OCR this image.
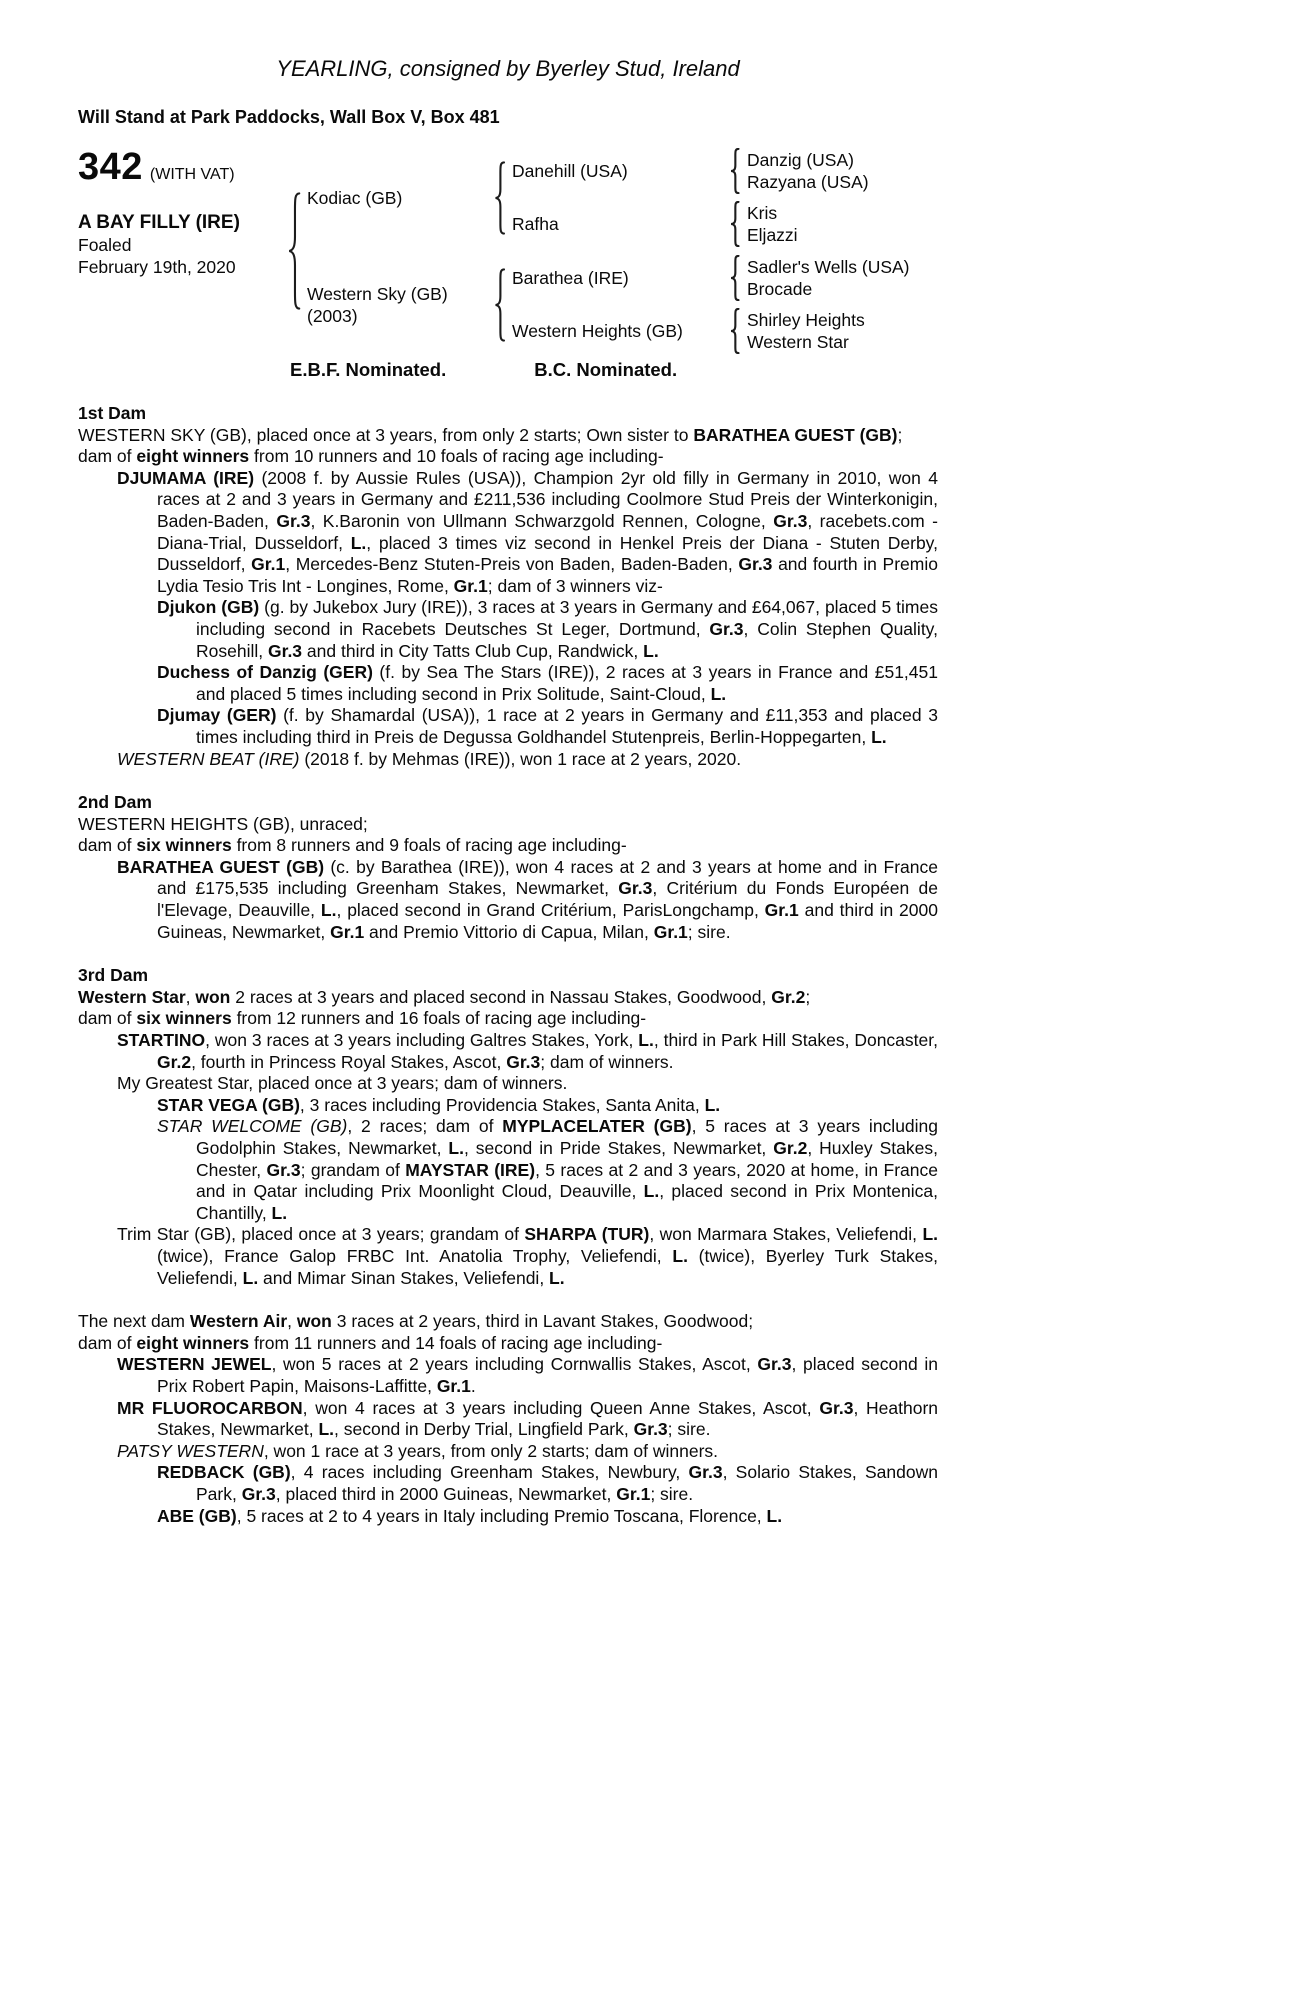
YEARLING, consigned by Byerley Stud, Ireland
Will Stand at Park Paddocks, Wall Box V, Box 481
342 (WITH VAT)
A BAY FILLY (IRE)
Foaled
February 19th, 2020
Kodiac (GB)
Danehill (USA)
Danzig (USA)
Razyana (USA)
Rafha
Kris
Eljazzi
Western Sky (GB)
(2003)
Barathea (IRE)
Sadler's Wells (USA)
Brocade
Western Heights (GB)
Shirley Heights
Western Star
E.B.F. Nominated.	B.C. Nominated.
1st Dam

WESTERN SKY (GB), placed once at 3 years, from only 2 starts; Own sister to BARATHEA GUEST (GB);

dam of eight winners from 10 runners and 10 foals of racing age including-

DJUMAMA (IRE) (2008 f. by Aussie Rules (USA)), Champion 2yr old filly in Germany in 2010, won 4 races at 2 and 3 years in Germany and £211,536 including Coolmore Stud Preis der Winterkonigin, Baden-Baden, Gr.3, K.Baronin von Ullmann Schwarzgold Rennen, Cologne, Gr.3, racebets.com - Diana-Trial, Dusseldorf, L., placed 3 times viz second in Henkel Preis der Diana - Stuten Derby, Dusseldorf, Gr.1, Mercedes-Benz Stuten-Preis von Baden, Baden-Baden, Gr.3 and fourth in Premio Lydia Tesio Tris Int - Longines, Rome, Gr.1; dam of 3 winners viz-

Djukon (GB) (g. by Jukebox Jury (IRE)), 3 races at 3 years in Germany and £64,067, placed 5 times including second in Racebets Deutsches St Leger, Dortmund, Gr.3, Colin Stephen Quality, Rosehill, Gr.3 and third in City Tatts Club Cup, Randwick, L.

Duchess of Danzig (GER) (f. by Sea The Stars (IRE)), 2 races at 3 years in France and £51,451 and placed 5 times including second in Prix Solitude, Saint-Cloud, L.

Djumay (GER) (f. by Shamardal (USA)), 1 race at 2 years in Germany and £11,353 and placed 3 times including third in Preis de Degussa Goldhandel Stutenpreis, Berlin-Hoppegarten, L.

WESTERN BEAT (IRE) (2018 f. by Mehmas (IRE)), won 1 race at 2 years, 2020.

2nd Dam

WESTERN HEIGHTS (GB), unraced;

dam of six winners from 8 runners and 9 foals of racing age including-

BARATHEA GUEST (GB) (c. by Barathea (IRE)), won 4 races at 2 and 3 years at home and in France and £175,535 including Greenham Stakes, Newmarket, Gr.3, Critérium du Fonds Européen de l'Elevage, Deauville, L., placed second in Grand Critérium, ParisLongchamp, Gr.1 and third in 2000 Guineas, Newmarket, Gr.1 and Premio Vittorio di Capua, Milan, Gr.1; sire.

3rd Dam

Western Star, won 2 races at 3 years and placed second in Nassau Stakes, Goodwood, Gr.2;

dam of six winners from 12 runners and 16 foals of racing age including-

STARTINO, won 3 races at 3 years including Galtres Stakes, York, L., third in Park Hill Stakes, Doncaster, Gr.2, fourth in Princess Royal Stakes, Ascot, Gr.3; dam of winners.

My Greatest Star, placed once at 3 years; dam of winners.

STAR VEGA (GB), 3 races including Providencia Stakes, Santa Anita, L.

STAR WELCOME (GB), 2 races; dam of MYPLACELATER (GB), 5 races at 3 years including Godolphin Stakes, Newmarket, L., second in Pride Stakes, Newmarket, Gr.2, Huxley Stakes, Chester, Gr.3; grandam of MAYSTAR (IRE), 5 races at 2 and 3 years, 2020 at home, in France and in Qatar including Prix Moonlight Cloud, Deauville, L., placed second in Prix Montenica, Chantilly, L.

Trim Star (GB), placed once at 3 years; grandam of SHARPA (TUR), won Marmara Stakes, Veliefendi, L. (twice), France Galop FRBC Int. Anatolia Trophy, Veliefendi, L. (twice), Byerley Turk Stakes, Veliefendi, L. and Mimar Sinan Stakes, Veliefendi, L.

The next dam Western Air, won 3 races at 2 years, third in Lavant Stakes, Goodwood;

dam of eight winners from 11 runners and 14 foals of racing age including-

WESTERN JEWEL, won 5 races at 2 years including Cornwallis Stakes, Ascot, Gr.3, placed second in Prix Robert Papin, Maisons-Laffitte, Gr.1.

MR FLUOROCARBON, won 4 races at 3 years including Queen Anne Stakes, Ascot, Gr.3, Heathorn Stakes, Newmarket, L., second in Derby Trial, Lingfield Park, Gr.3; sire.

PATSY WESTERN, won 1 race at 3 years, from only 2 starts; dam of winners.

REDBACK (GB), 4 races including Greenham Stakes, Newbury, Gr.3, Solario Stakes, Sandown Park, Gr.3, placed third in 2000 Guineas, Newmarket, Gr.1; sire.

ABE (GB), 5 races at 2 to 4 years in Italy including Premio Toscana, Florence, L.
